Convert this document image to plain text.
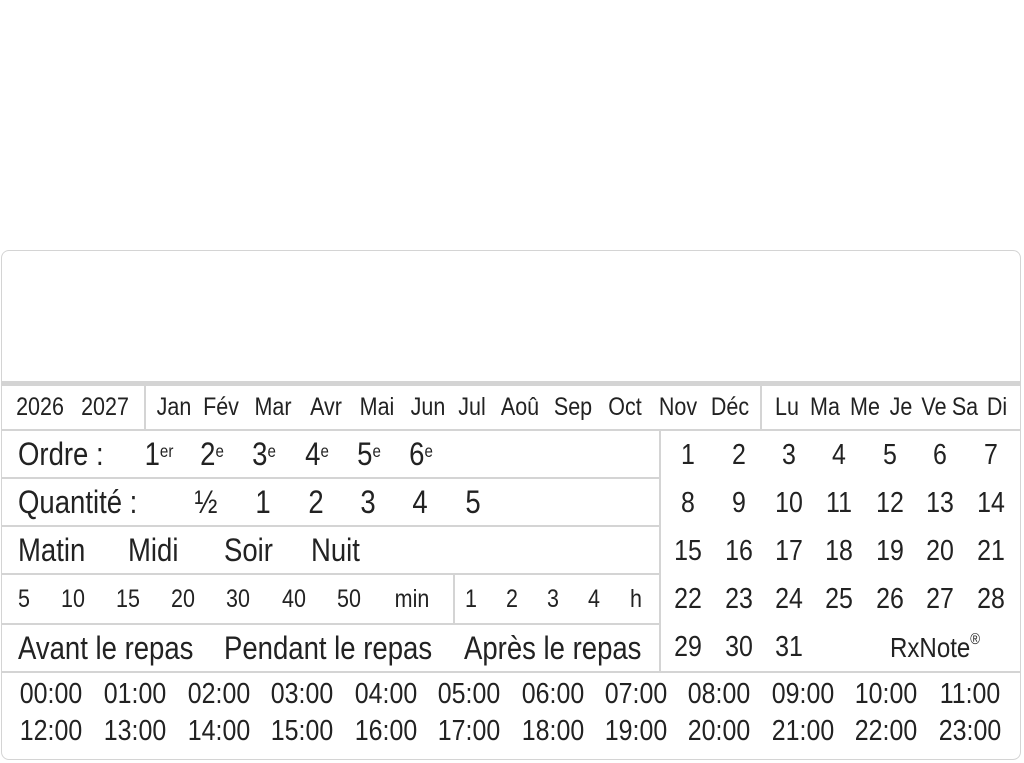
2026 2027 Jan Fév Mar Avr Mai Jun Jul Aoû Sep Oct Nov Déc Lu Ma Me Je Ve Sa Di
Ordre : 1er 2e 3e 4e 5e 6e
Quantité :	½	1	2	3	4	5
Matin	Midi Soir Nuit
5	10 15 20 30 40 50 min	1	2	3	4	h
Avant le repas Pendant le repas Après le repas
1	2	3	4	5	6	7
8	9	10 11 12 13 14
15 16 17 18 19 20 21
22 23 24 25 26 27 28
29 30 31	RxNote®
00:00 01:00 02:00 03:00 04:00 05:00 06:00 07:00 08:00 09:00 10:00 11:00
12:00 13:00 14:00 15:00 16:00 17:00 18:00 19:00 20:00 21:00 22:00 23:00
